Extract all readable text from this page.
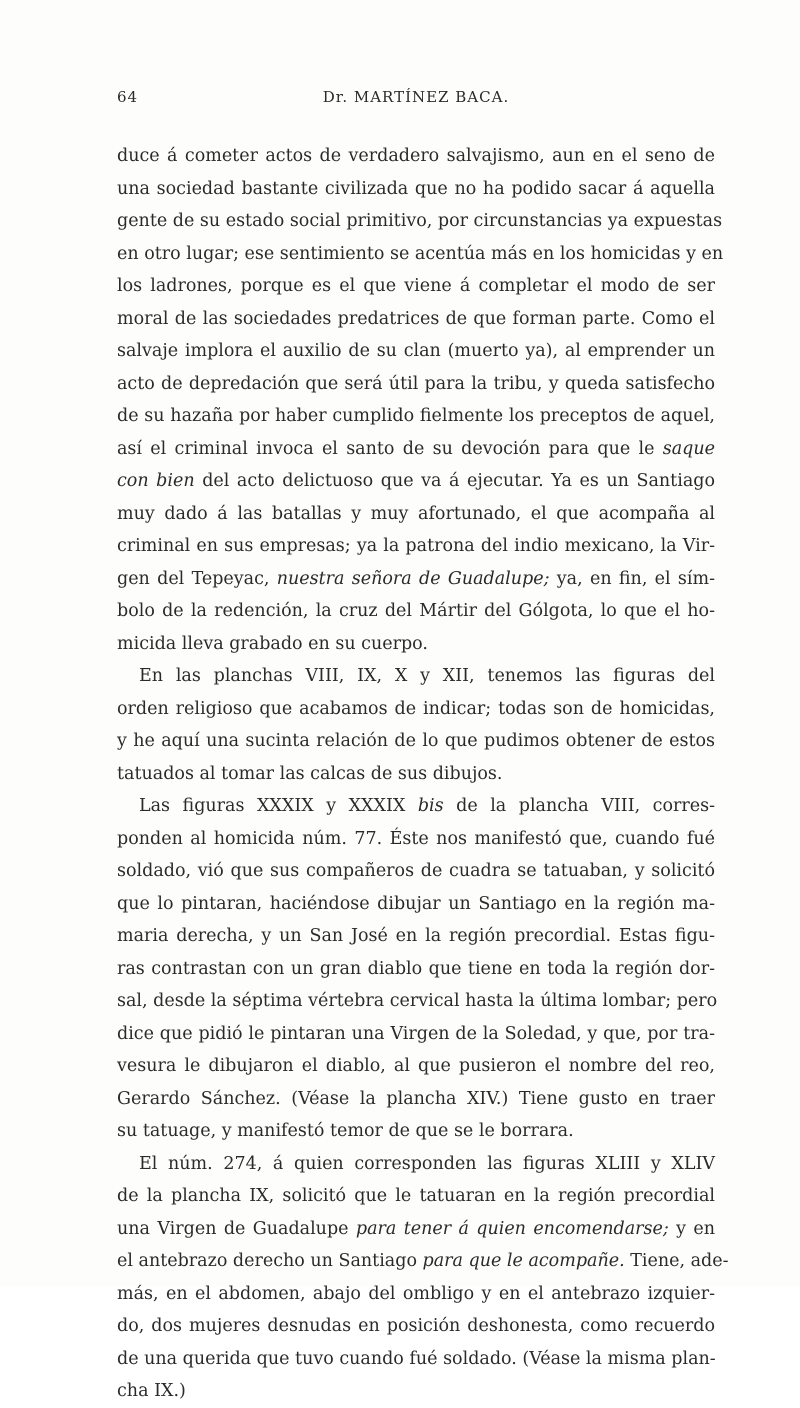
64	Dr. MARTÍNEZ BACA.
duce á cometer actos de verdadero salvajismo, aun en el seno de
una sociedad bastante civilizada que no ha podido sacar á aquella
gente de su estado social primitivo, por circunstancias ya expuestas
en otro lugar; ese sentimiento se acentúa más en los homicidas y en
los ladrones, porque es el que viene á completar el modo de ser
moral de las sociedades predatrices de que forman parte. Como el
salvaje implora el auxilio de su clan (muerto ya), al emprender un
acto de depredación que será útil para la tribu, y queda satisfecho
de su hazaña por haber cumplido fielmente los preceptos de aquel,
así el criminal invoca el santo de su devoción para que le saque
con bien del acto delictuoso que va á ejecutar. Ya es un Santiago
muy dado á las batallas y muy afortunado, el que acompaña al
criminal en sus empresas; ya la patrona del indio mexicano, la Vir-
gen del Tepeyac, nuestra señora de Guadalupe; ya, en fin, el sím-
bolo de la redención, la cruz del Mártir del Gólgota, lo que el ho-
micida lleva grabado en su cuerpo.
En las planchas VIII, IX, X y XII, tenemos las figuras del
orden religioso que acabamos de indicar; todas son de homicidas,
y he aquí una sucinta relación de lo que pudimos obtener de estos
tatuados al tomar las calcas de sus dibujos.
Las figuras XXXIX y XXXIX bis de la plancha VIII, corres-
ponden al homicida núm. 77. Éste nos manifestó que, cuando fué
soldado, vió que sus compañeros de cuadra se tatuaban, y solicitó
que lo pintaran, haciéndose dibujar un Santiago en la región ma-
maria derecha, y un San José en la región precordial. Estas figu-
ras contrastan con un gran diablo que tiene en toda la región dor-
sal, desde la séptima vértebra cervical hasta la última lombar; pero
dice que pidió le pintaran una Virgen de la Soledad, y que, por tra-
vesura le dibujaron el diablo, al que pusieron el nombre del reo,
Gerardo Sánchez. (Véase la plancha XIV.) Tiene gusto en traer
su tatuage, y manifestó temor de que se le borrara.
El núm. 274, á quien corresponden las figuras XLIII y XLIV
de la plancha IX, solicitó que le tatuaran en la región precordial
una Virgen de Guadalupe para tener á quien encomendarse; y en
el antebrazo derecho un Santiago para que le acompañe. Tiene, ade-
más, en el abdomen, abajo del ombligo y en el antebrazo izquier-
do, dos mujeres desnudas en posición deshonesta, como recuerdo
de una querida que tuvo cuando fué soldado. (Véase la misma plan-
cha IX.)
